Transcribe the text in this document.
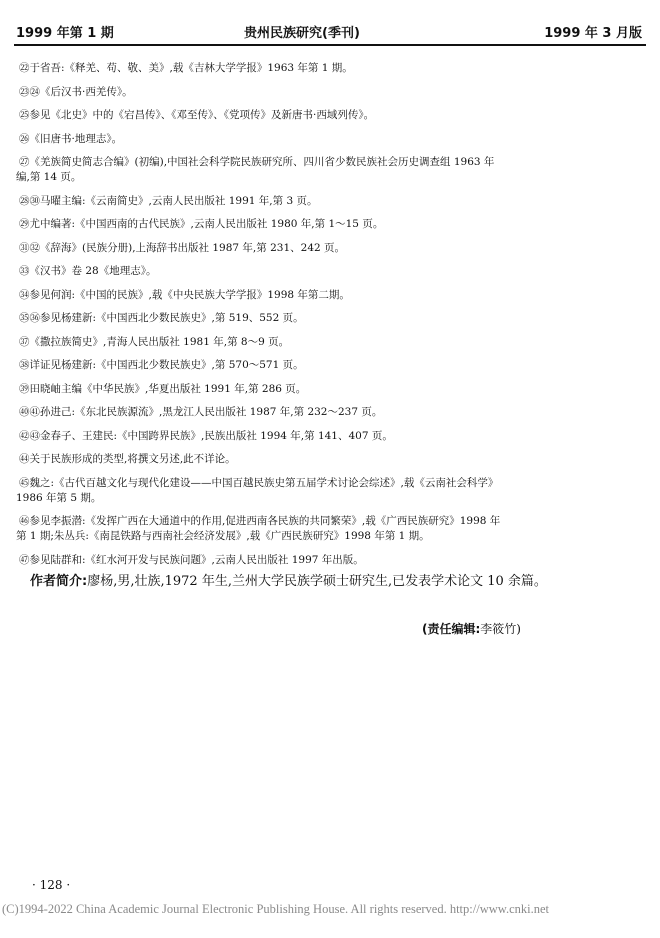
1999 年第 1 期	贵州民族研究(季刊)	1999 年 3 月版
㉒于省吾:《释羌、苟、敬、美》,载《吉林大学学报》1963 年第 1 期。
㉓㉔《后汉书·西羌传》。
㉕参见《北史》中的《宕昌传》、《邓至传》、《党项传》及新唐书·西域列传》。
㉖《旧唐书·地理志》。
㉗《羌族简史简志合编》(初编),中国社会科学院民族研究所、四川省少数民族社会历史调查组 1963 年
编,第 14 页。
㉘㉚马曜主编:《云南简史》,云南人民出版社 1991 年,第 3 页。
㉙尤中编著:《中国西南的古代民族》,云南人民出版社 1980 年,第 1～15 页。
㉛㉜《辞海》(民族分册),上海辞书出版社 1987 年,第 231、242 页。
㉝《汉书》卷 28《地理志》。
㉞参见何润:《中国的民族》,载《中央民族大学学报》1998 年第二期。
㉟㊱参见杨建新:《中国西北少数民族史》,第 519、552 页。
㊲《撒拉族简史》,青海人民出版社 1981 年,第 8～9 页。
㊳详证见杨建新:《中国西北少数民族史》,第 570～571 页。
㊴田晓岫主编《中华民族》,华夏出版社 1991 年,第 286 页。
㊵㊶孙进己:《东北民族源流》,黑龙江人民出版社 1987 年,第 232～237 页。
㊷㊸金春子、王建民:《中国跨界民族》,民族出版社 1994 年,第 141、407 页。
㊹关于民族形成的类型,将撰文另述,此不详论。
㊺魏之:《古代百越文化与现代化建设——中国百越民族史第五届学术讨论会综述》,载《云南社会科学》
1986 年第 5 期。
㊻参见李振潜:《发挥广西在大通道中的作用,促进西南各民族的共同繁荣》,载《广西民族研究》1998 年
第 1 期;朱丛兵:《南昆铁路与西南社会经济发展》,载《广西民族研究》1998 年第 1 期。
㊼参见陆群和:《红水河开发与民族问题》,云南人民出版社 1997 年出版。
作者简介:廖杨,男,壮族,1972 年生,兰州大学民族学硕士研究生,已发表学术论文 10 余篇。
(责任编辑:李筱竹)
· 128 ·
(C)1994-2022 China Academic Journal Electronic Publishing House. All rights reserved. http://www.cnki.net
